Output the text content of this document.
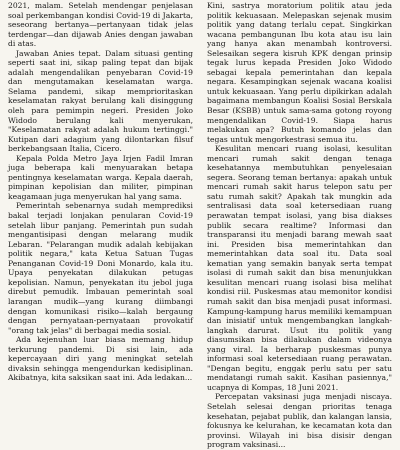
2021, malam. Setelah mendengar penjelasan soal perkembangan kondisi Covid-19 di Jakarta, seseorang bertanya—pertanyaan tidak jelas terdengar—dan dijawab Anies dengan jawaban di atas.

Jawaban Anies tepat. Dalam situasi genting seperti saat ini, sikap paling tepat dan bijak adalah mengendalikan penyebaran Covid-19 dan mengutamakan keselamatan warga. Selama pandemi, sikap memprioritaskan keselamatan rakyat berulang kali disinggung oleh para pemimpin negeri. Presiden Joko Widodo berulang kali menyerukan, "Keselamatan rakyat adalah hukum tertinggi." Kutipan dari adagium yang dilontarkan filsuf berkebangsaan Italia, Cicero.

Kepala Polda Metro Jaya Irjen Fadil Imran juga beberapa kali menyuarakan betapa pentingnya keselamatan warga. Kepala daerah, pimpinan kepolisian dan militer, pimpinan keagamaan juga menyerukan hal yang sama.

Pemerintah sebenarnya sudah memprediksi bakal terjadi lonjakan penularan Covid-19 setelah libur panjang. Pemerintah pun sudah mengantisipasi dengan melarang mudik Lebaran. "Pelarangan mudik adalah kebijakan politik negara," kata Ketua Satuan Tugas Penanganan Covid-19 Doni Monardo, kala itu. Upaya penyekatan dilakukan petugas kepolisian. Namun, penyekatan itu jebol juga direbut pemudik. Imbauan pemerintah soal larangan mudik—yang kurang diimbangi dengan komunikasi risiko—kalah bergaung dengan pernyataan-pernyataan provokatif "orang tak jelas" di berbagai media sosial.

Ada kejenuhan luar biasa memang hidup terkurung pandemi. Di sisi lain, ada kepercayaan diri yang meningkat setelah divaksin sehingga mengendurkan kedisiplinan. Akibatnya, kita saksikan saat ini. Ada ledakan...

Kini, sastrya moratorium politik atau jeda politik kekuasaan. Melepaskan sejenak musim politik yang datang terlalu cepat. Singkirkan wacana pembangunan Ibu kota atau isu lain yang hanya akan menambah kontroversi. Selesaikan segera kisruh KPK dengan prinsip tegak lurus kepada Presiden Joko Widodo sebagai kepala pemerintahan dan kepala negara. Kesampingkan sejenak wacana koalisi untuk kekuasaan. Yang perlu dipikirkan adalah bagaimana membangun Koalisi Sosial Berskala Besar (KSBB) untuk sama-sama gotong royong mengendalikan Covid-19. Siapa harus melakukan apa? Butuh komando jelas dan tegas untuk mengorkestrasi semua itu.

Kesulitan mencari ruang isolasi, kesulitan mencari rumah sakit dengan tenaga kesehatannya membutuhkan penyelesaian segera. Seorang teman bertanya: apakah untuk mencari rumah sakit harus telepon satu per satu rumah sakit? Apakah tak mungkin ada sentralisasi data soal ketersediaan ruang perawatan tempat isolasi, yang bisa diakses publik secara realtime? Informasi dan transparansi itu menjadi barang mewah saat ini. Presiden bisa memerintahkan dan memerintahkan data soal itu. Data soal kematian yang semakin banyak serta tempat isolasi di rumah sakit dan bisa menunjukkan kesulitan mencari ruang isolasi bisa melihat kondisi riil. Puskesmas atau memonitor kondisi rumah sakit dan bisa menjadi pusat informasi. Kampung-kampung harus memiliki kemampuan dan inisiatif untuk mengembangkan langkah-langkah darurat. Usut itu politik yang diasumsikan bisa dilakukan dalam videonya yang viral. Ia berharap puskesmas punya informasi soal ketersediaan ruang perawatan. "Dengan begitu, enggak perlu satu per satu mendatangi rumah sakit. Kasihan pasiennya," ucapnya di Kompas, 18 Juni 2021.

Percepatan vaksinasi juga menjadi niscaya. Setelah selesai dengan prioritas tenaga kesehatan, pejabat publik, dan kalangan lansia, fokusnya ke kelurahan, ke kecamatan kota dan provinsi. Wilayah ini bisa disisir dengan program vaksinasi...
